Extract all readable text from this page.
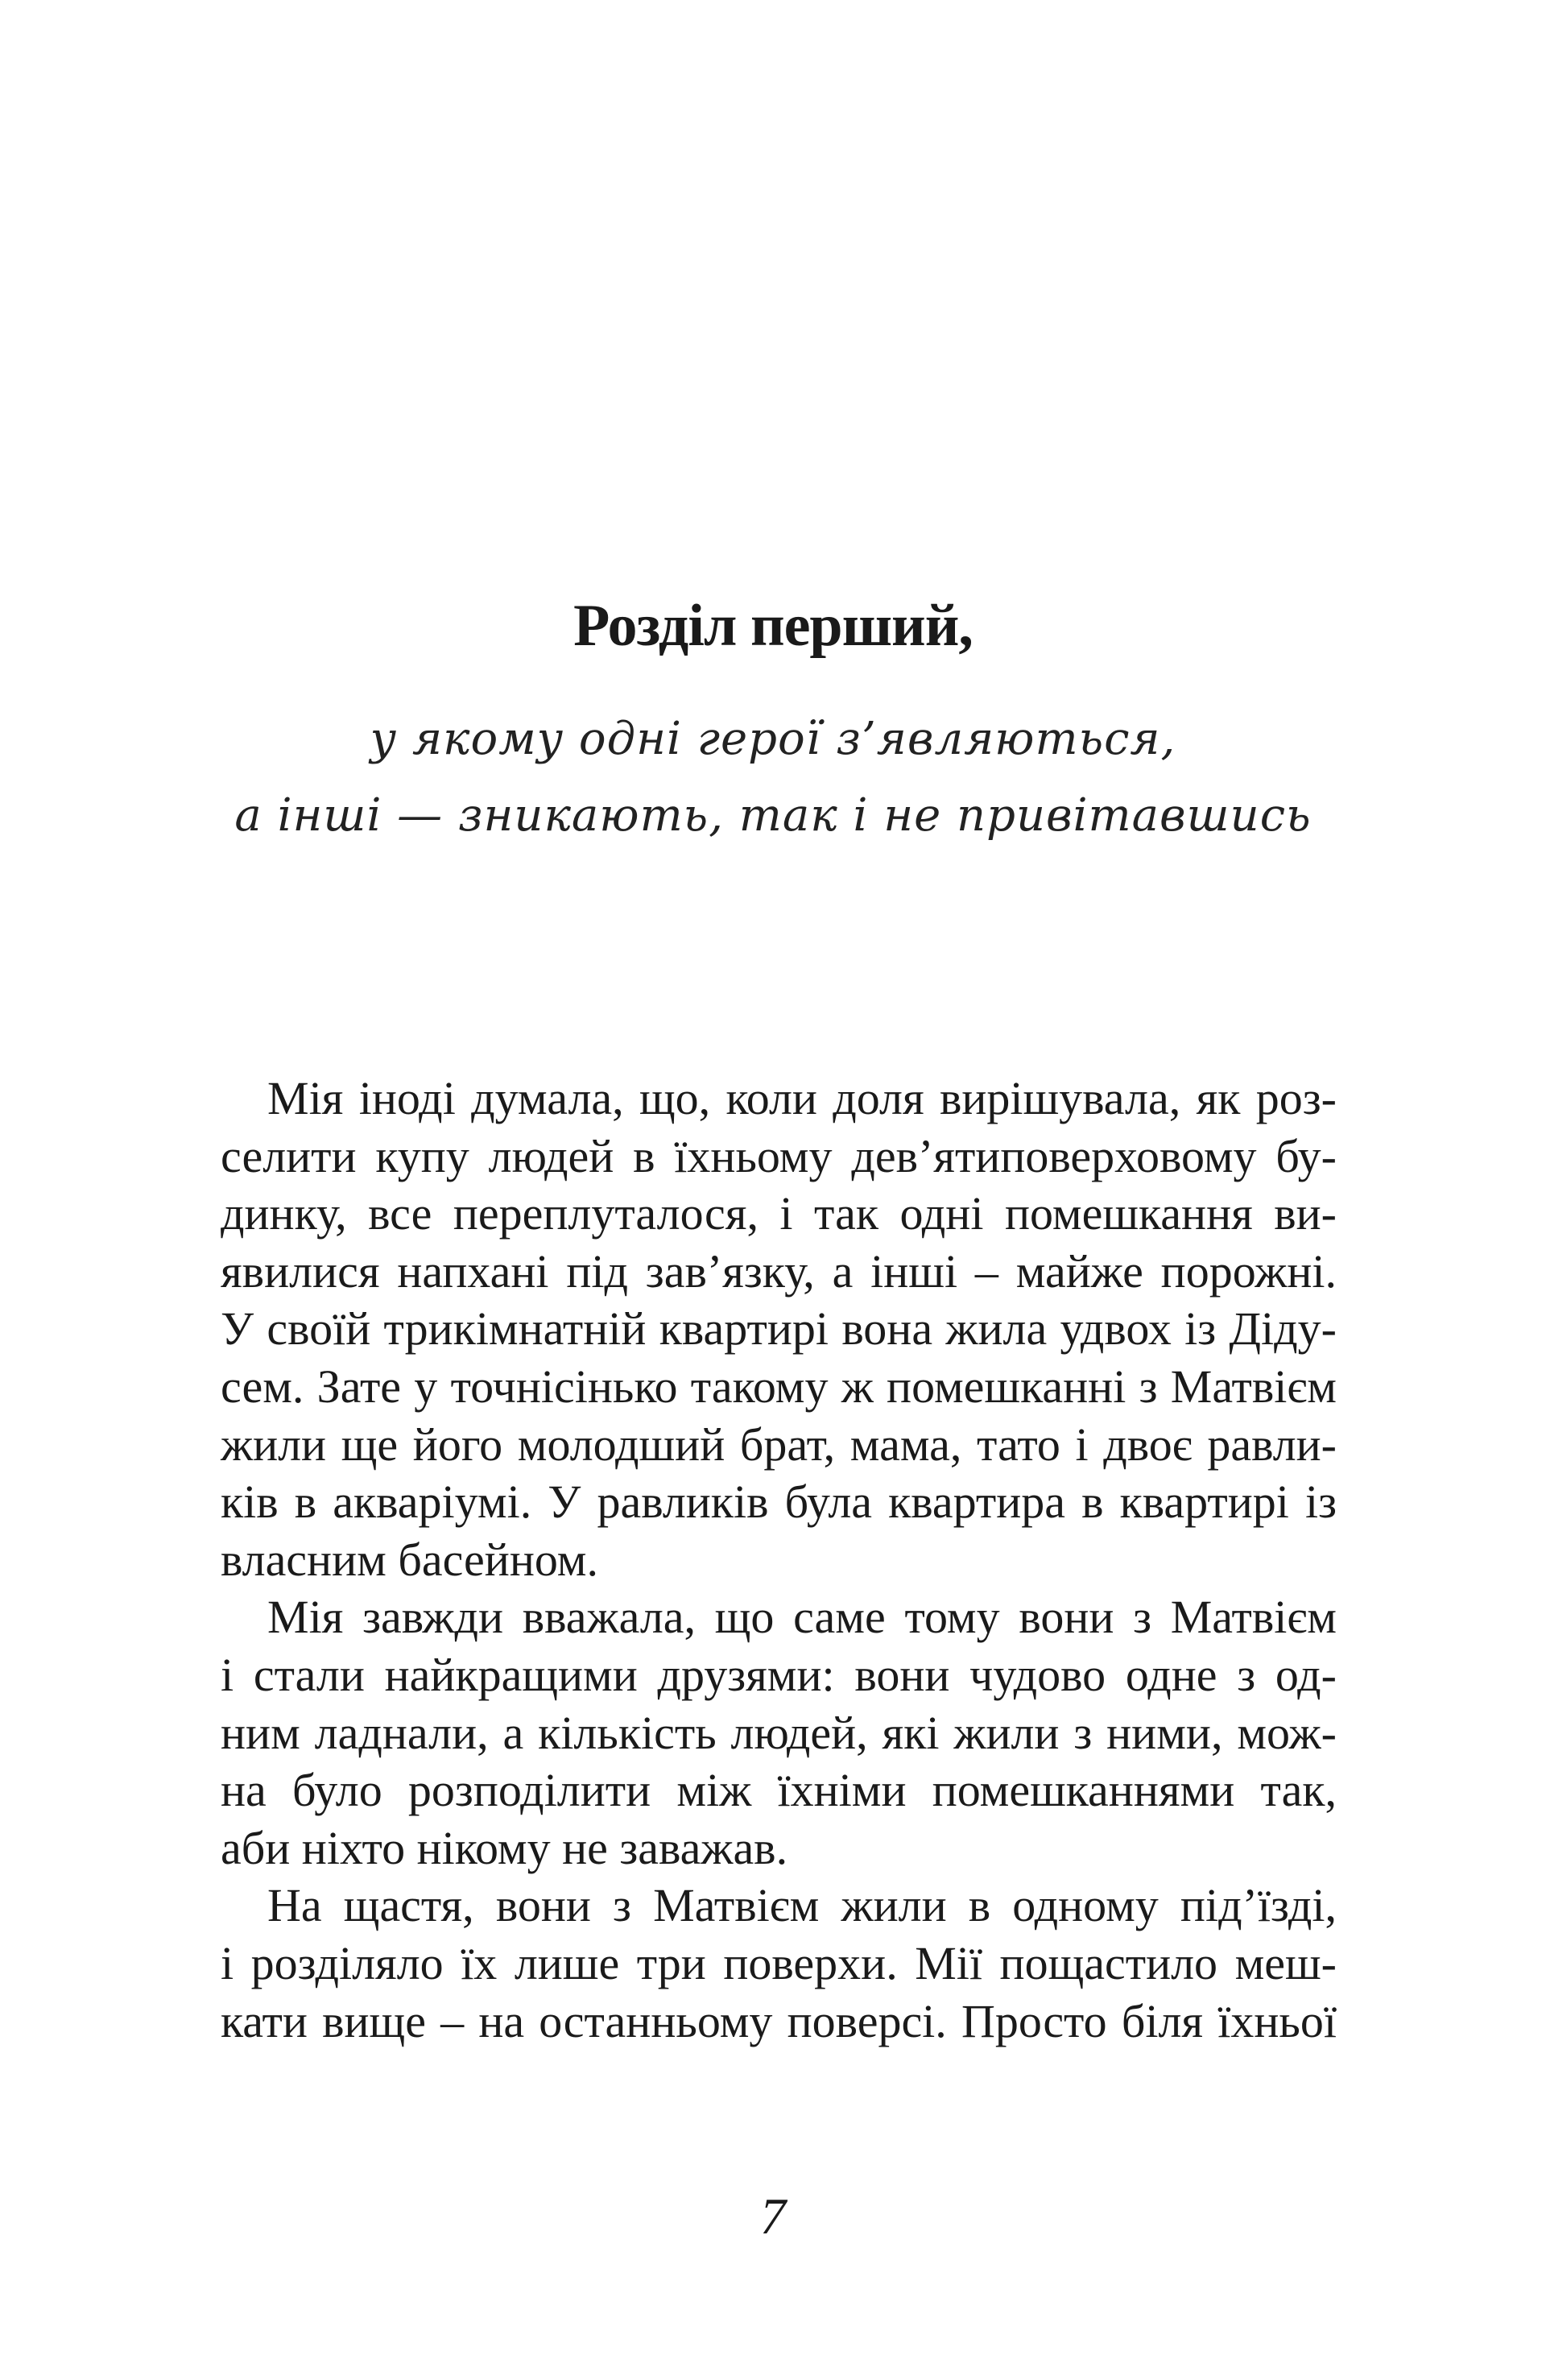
Розділ перший,
у якому одні герої з’являються,
а інші — зникають, так і не привітавшись
Мія іноді думала, що, коли доля вирішувала, як роз-
селити купу людей в їхньому дев’ятиповерховому бу-
динку, все переплуталося, і так одні помешкання ви-
явилися напхані під зав’язку, а інші – майже порожні.
У своїй трикімнатній квартирі вона жила удвох із Діду-
сем. Зате у точнісінько такому ж помешканні з Матвієм
жили ще його молодший брат, мама, тато і двоє равли-
ків в акваріумі. У равликів була квартира в квартирі із
власним басейном.
Мія завжди вважала, що саме тому вони з Матвієм
і стали найкращими друзями: вони чудово одне з од-
ним ладнали, а кількість людей, які жили з ними, мож-
на було розподілити між їхніми помешканнями так,
аби ніхто нікому не заважав.
На щастя, вони з Матвієм жили в одному під’їзді,
і розділяло їх лише три поверхи. Мії пощастило меш-
кати вище – на останньому поверсі. Просто біля їхньої
7
